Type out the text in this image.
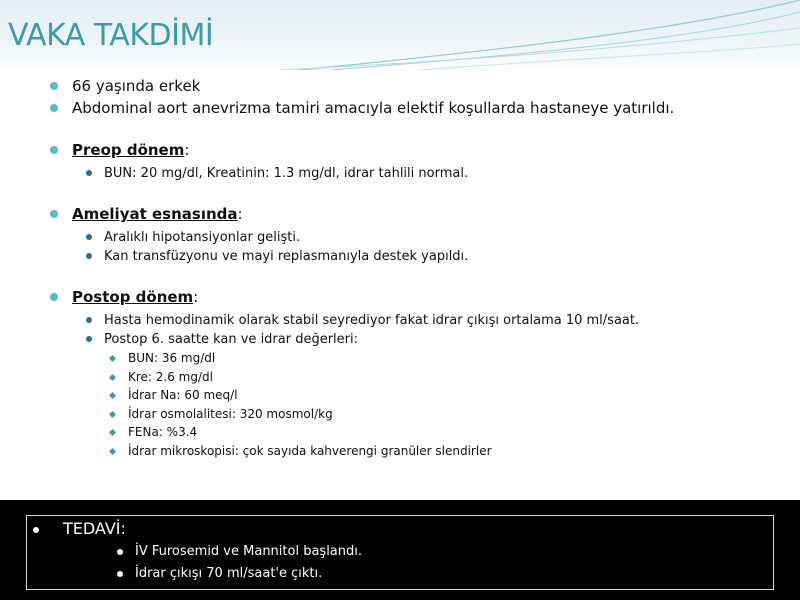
VAKA TAKDİMİ
66 yaşında erkek
Abdominal aort anevrizma tamiri amacıyla elektif koşullarda hastaneye yatırıldı.
Preop dönem:
BUN: 20 mg/dl, Kreatinin: 1.3 mg/dl, idrar tahlili normal.
Ameliyat esnasında:
Aralıklı hipotansiyonlar gelişti.
Kan transfüzyonu ve mayi replasmanıyla destek yapıldı.
Postop dönem:
Hasta hemodinamik olarak stabil seyrediyor fakat idrar çıkışı ortalama 10 ml/saat.
Postop 6. saatte kan ve idrar değerleri:
BUN: 36 mg/dl
Kre: 2.6 mg/dl
İdrar Na: 60 meq/l
İdrar osmolalitesi: 320 mosmol/kg
FENa: %3.4
İdrar mikroskopisi: çok sayıda kahverengi granüler slendirler
TEDAVİ:
İV Furosemid ve Mannitol başlandı.
İdrar çıkışı 70 ml/saat'e çıktı.
